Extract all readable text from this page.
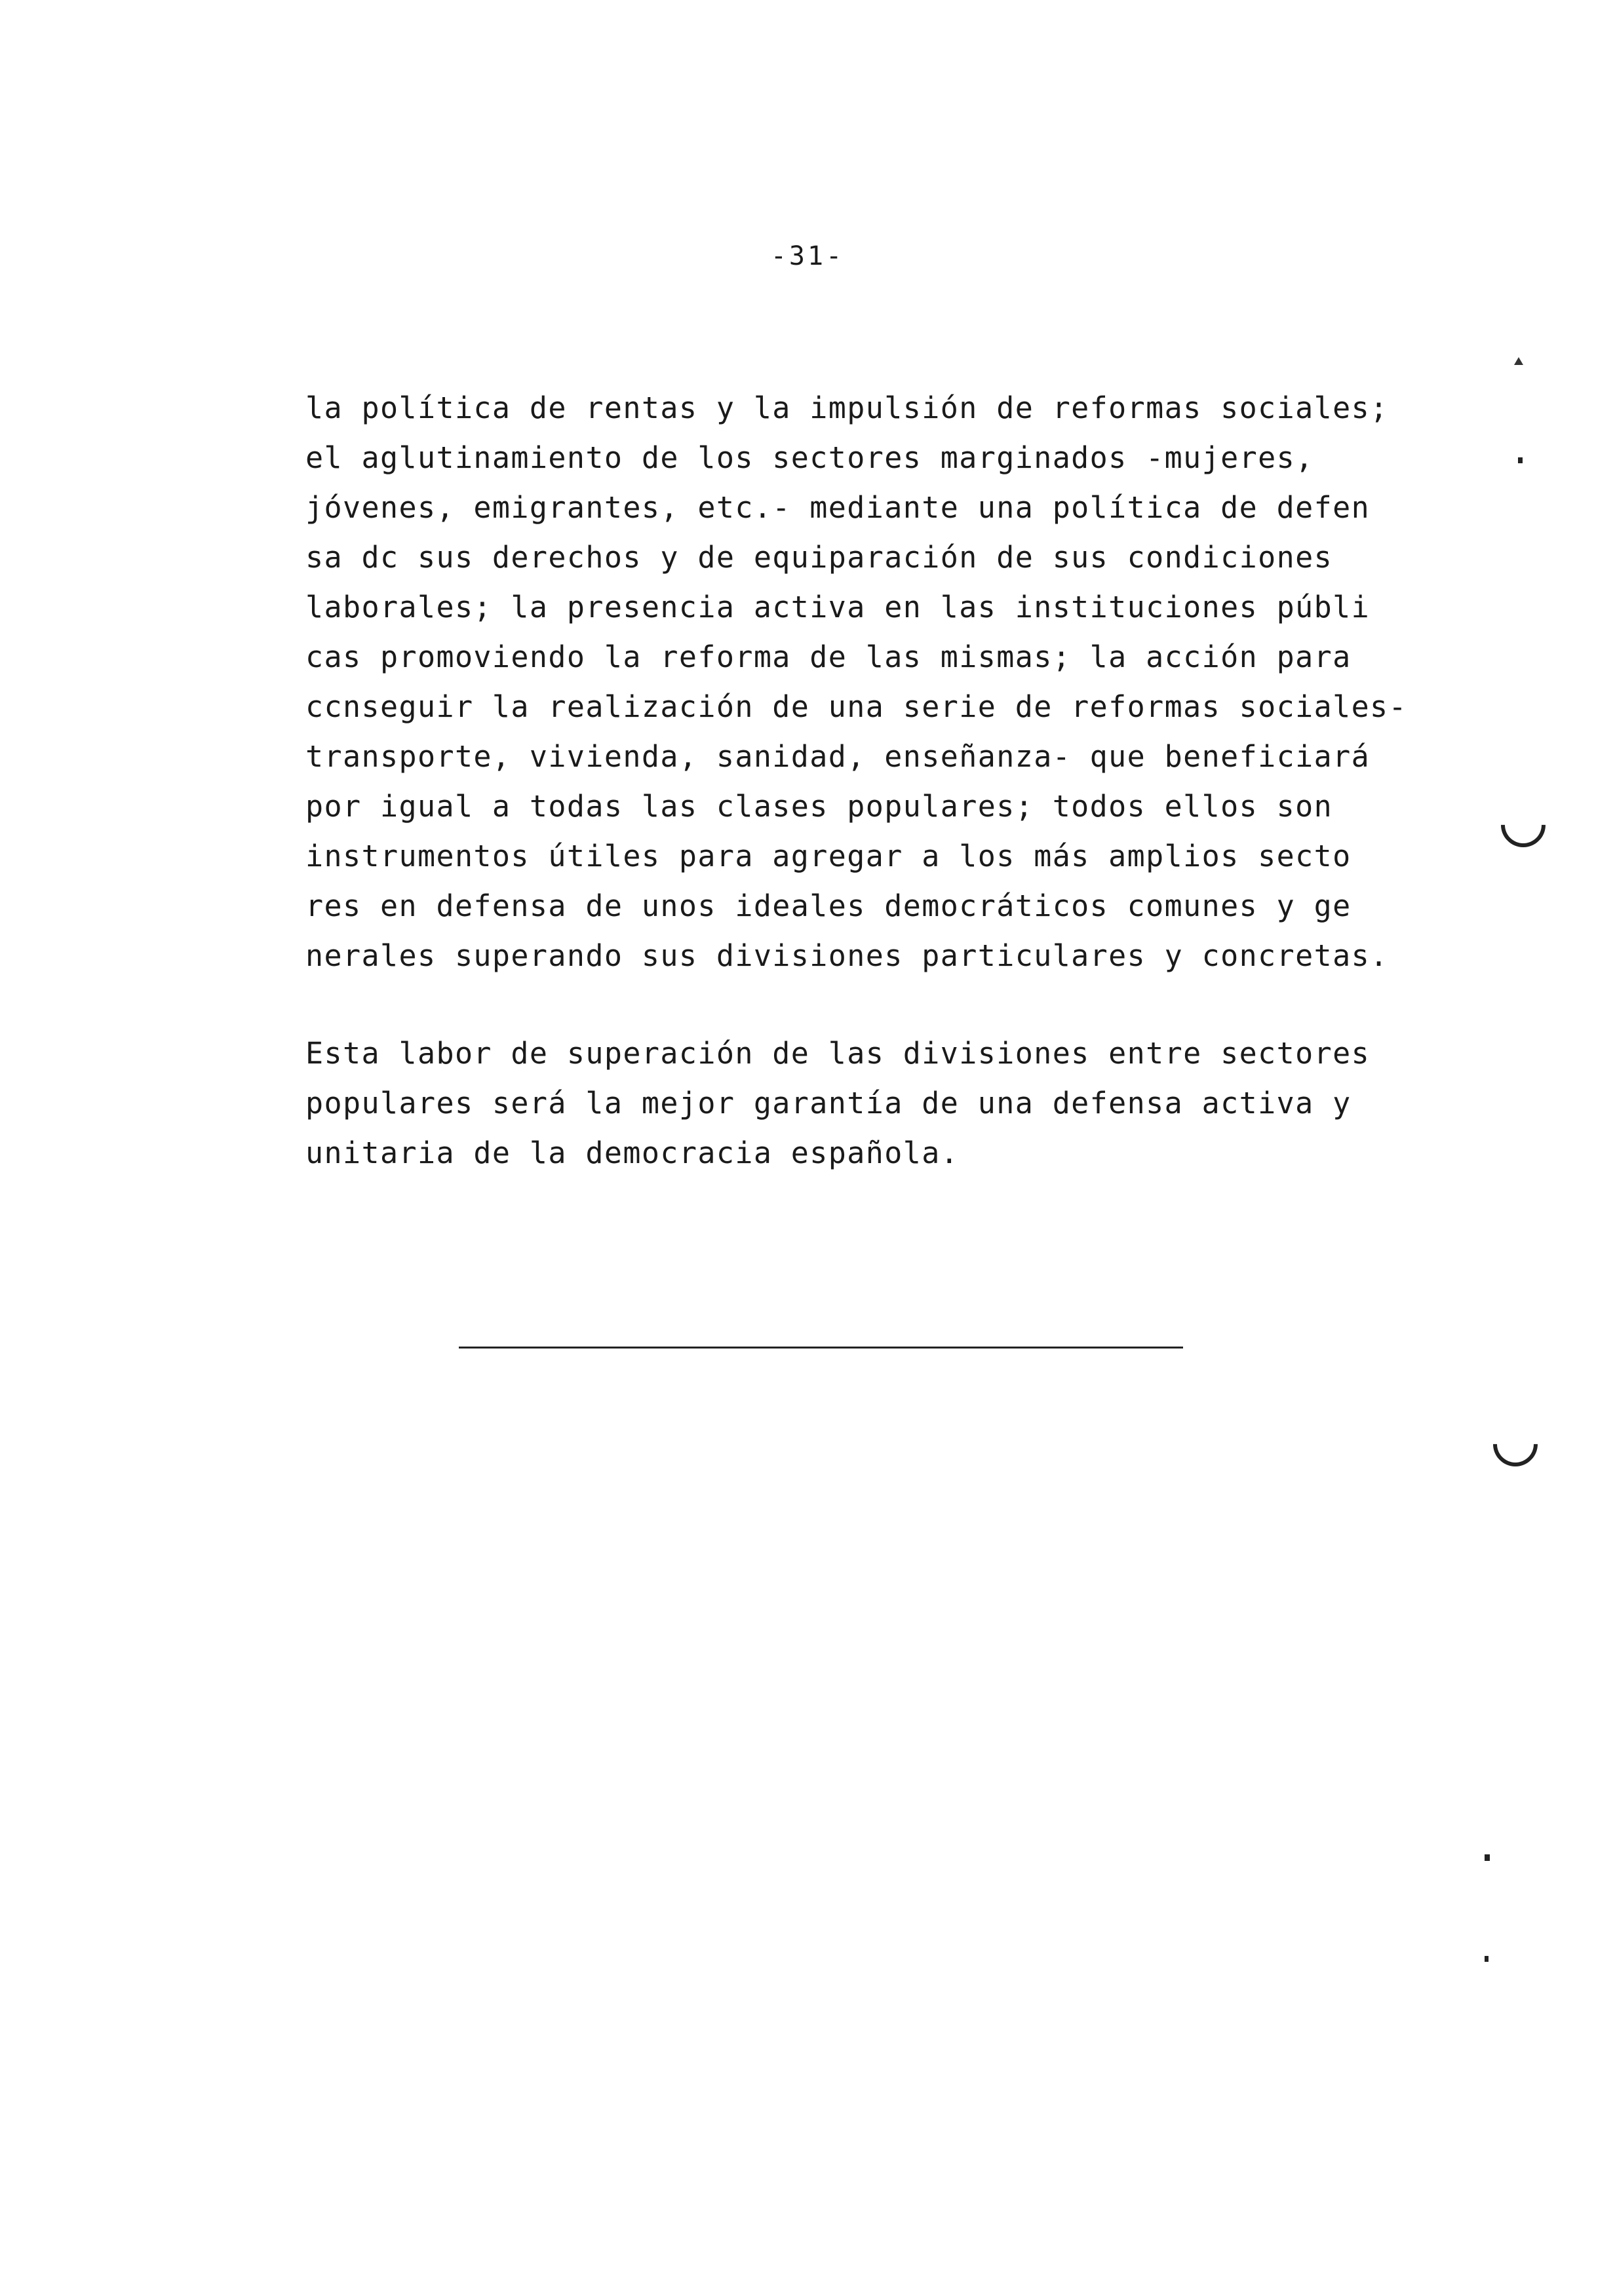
-31-
la política de rentas y la impulsión de reformas sociales;
el aglutinamiento de los sectores marginados -mujeres,
jóvenes, emigrantes, etc.- mediante una política de defen
sa dc sus derechos y de equiparación de sus condiciones
laborales; la presencia activa en las instituciones públi
cas promoviendo la reforma de las mismas; la acción para
ccnseguir la realización de una serie de reformas sociales-
transporte, vivienda, sanidad, enseñanza- que beneficiará
por igual a todas las clases populares; todos ellos son
instrumentos útiles para agregar a los más amplios secto
res en defensa de unos ideales democráticos comunes y ge
nerales superando sus divisiones particulares y concretas.
Esta labor de superación de las divisiones entre sectores
populares será la mejor garantía de una defensa activa y
unitaria de la democracia española.
